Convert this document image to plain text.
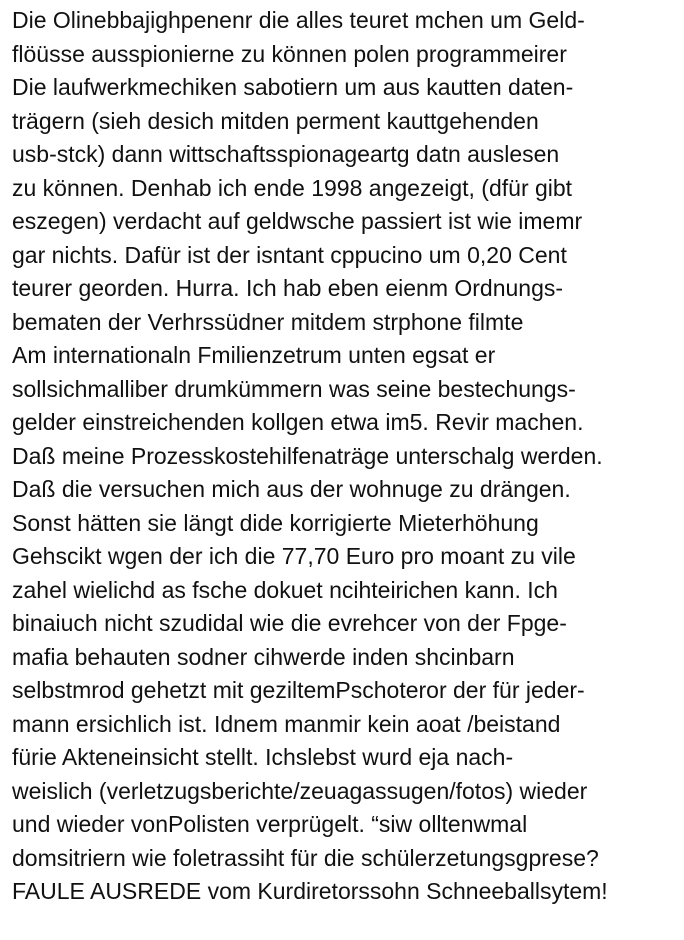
Die Olinebbajighpenenr die alles teuret mchen um Geld-
flöüsse ausspionierne zu können polen programmeirer
Die laufwerkmechiken sabotiern um aus kautten daten-
trägern (sieh desich mitden perment kauttgehenden
usb-stck) dann wittschaftsspionageartg datn auslesen
zu können. Denhab ich ende 1998 angezeigt, (dfür gibt
eszegen) verdacht auf geldwsche passiert ist wie imemr
gar nichts. Dafür ist der isntant cppucino um 0,20 Cent
teurer georden. Hurra. Ich hab eben eienm Ordnungs-
bematen der Verhrssüdner mitdem strphone filmte
Am internationaln Fmilienzetrum unten egsat er
sollsichmalliber drumkümmern was seine bestechungs-
gelder einstreichenden kollgen etwa im5. Revir machen.
Daß meine Prozesskostehilfenaträge unterschalg werden.
Daß die versuchen mich aus der wohnuge zu drängen.
Sonst hätten sie längt dide korrigierte Mieterhöhung
Gehscikt wgen der ich die 77,70 Euro pro moant zu vile
zahel wielichd as fsche dokuet ncihteirichen kann. Ich
binaiuch nicht szudidal wie die evrehcer von der Fpge-
mafia behauten sodner cihwerde inden shcinbarn
selbstmrod gehetzt mit geziltemPschoteror der für jeder-
mann ersichlich ist. Idnem manmir kein aoat /beistand
fürie Akteneinsicht stellt. Ichslebst wurd eja nach-
weislich (verletzugsberichte/zeuagassugen/fotos) wieder
und wieder vonPolisten verprügelt. “siw olltenwmal
domsitriern wie foletrassiht für die schülerzetungsgprese?
FAULE AUSREDE vom Kurdiretorssohn Schneeballsytem!
